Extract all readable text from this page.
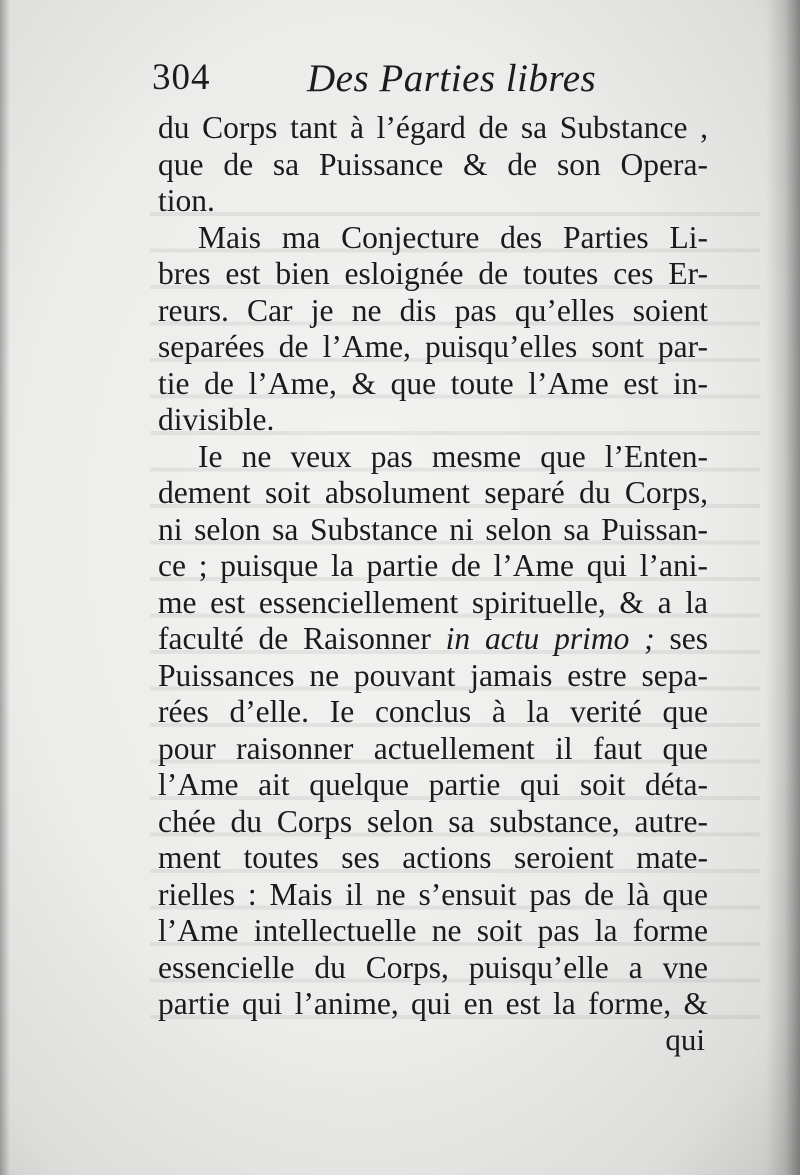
304 Des Parties libres
du Corps tant à l’égard de sa Substance ,
que de sa Puissance & de son Opera-
tion.
Mais ma Conjecture des Parties Li-
bres est bien esloignée de toutes ces Er-
reurs. Car je ne dis pas qu’elles soient
separées de l’Ame, puisqu’elles sont par-
tie de l’Ame, & que toute l’Ame est in-
divisible.
Ie ne veux pas mesme que l’Enten-
dement soit absolument separé du Corps,
ni selon sa Substance ni selon sa Puissan-
ce ; puisque la partie de l’Ame qui l’ani-
me est essenciellement spirituelle, & a la
faculté de Raisonner in actu primo ; ses
Puissances ne pouvant jamais estre sepa-
rées d’elle. Ie conclus à la verité que
pour raisonner actuellement il faut que
l’Ame ait quelque partie qui soit déta-
chée du Corps selon sa substance, autre-
ment toutes ses actions seroient mate-
rielles : Mais il ne s’ensuit pas de là que
l’Ame intellectuelle ne soit pas la forme
essencielle du Corps, puisqu’elle a vne
partie qui l’anime, qui en est la forme, &
qui
